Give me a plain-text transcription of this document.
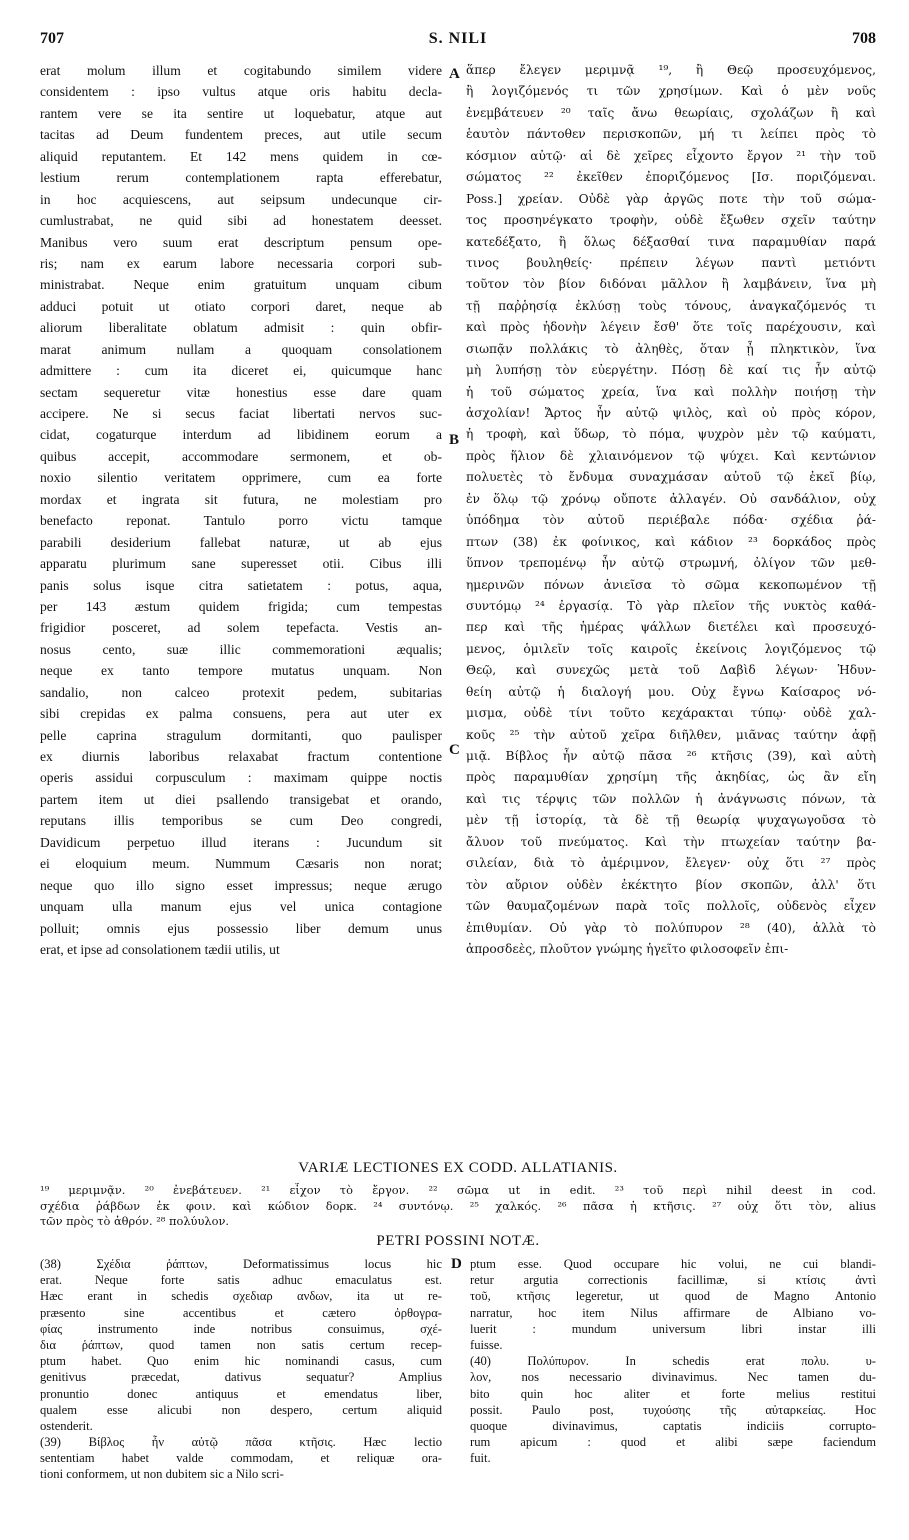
707	S. NILI	708
erat molum illum et cogitabundo similem videre
considentem : ipso vultus atque oris habitu decla-
rantem vere se ita sentire ut loquebatur, atque aut
tacitas ad Deum fundentem preces, aut utile secum
aliquid reputantem. Et 142 mens quidem in cœ-
lestium rerum contemplationem rapta efferebatur,
in hoc acquiescens, aut seipsum undecunque cir-
cumlustrabat, ne quid sibi ad honestatem deesset.
Manibus vero suum erat descriptum pensum ope-
ris; nam ex earum labore necessaria corpori sub-
ministrabat. Neque enim gratuitum unquam cibum
adduci potuit ut otiato corpori daret, neque ab
aliorum liberalitate oblatum admisit : quin obfir-
marat animum nullam a quoquam consolationem
admittere : cum ita diceret ei, quicumque hanc
sectam sequeretur vitæ honestius esse dare quam
accipere. Ne si secus faciat libertati nervos suc-
cidat, cogaturque interdum ad libidinem eorum a
quibus accepit, accommodare sermonem, et ob-
noxio silentio veritatem opprimere, cum ea forte
mordax et ingrata sit futura, ne molestiam pro
benefacto reponat. Tantulo porro victu tamque
parabili desiderium fallebat naturæ, ut ab ejus
apparatu plurimum sane superesset otii. Cibus illi
panis solus isque citra satietatem : potus, aqua,
per 143 æstum quidem frigida; cum tempestas
frigidior posceret, ad solem tepefacta. Vestis an-
nosus cento, suæ illic commemorationi æqualis;
neque ex tanto tempore mutatus unquam. Non
sandalio, non calceo protexit pedem, subitarias
sibi crepidas ex palma consuens, pera aut uter ex
pelle caprina stragulum dormitanti, quo paulisper
ex diurnis laboribus relaxabat fractum contentione
operis assidui corpusculum : maximam quippe noctis
partem item ut diei psallendo transigebat et orando,
reputans illis temporibus se cum Deo congredi,
Davidicum perpetuo illud iterans : Jucundum sit
ei eloquium meum. Nummum Cæsaris non norat;
neque quo illo signo esset impressus; neque ærugo
unquam ulla manum ejus vel unica contagione
polluit; omnis ejus possessio liber demum unus
erat, et ipse ad consolationem tædii utilis, ut
A
B
C
ἅπερ ἔλεγεν μεριμνᾷ ¹⁹, ἢ Θεῷ προσευχόμενος,
ἢ λογιζόμενός τι τῶν χρησίμων. Καὶ ὁ μὲν νοῦς
ἐνεμβάτευεν ²⁰ ταῖς ἄνω θεωρίαις, σχολάζων ἢ καὶ
ἑαυτὸν πάντοθεν περισκοπῶν, μή τι λείπει πρὸς τὸ
κόσμιον αὐτῷ· αἱ δὲ χεῖρες εἶχοντο ἔργον ²¹ τὴν τοῦ
σώματος ²² ἐκεῖθεν ἐποριζόμενος [Ισ. ποριζόμεναι.
Poss.] χρείαν. Οὐδὲ γὰρ ἀργῶς ποτε τὴν τοῦ σώμα-
τος προσηνέγκατο τροφὴν, οὐδὲ ἔξωθεν σχεῖν ταύτην
κατεδέξατο, ἢ ὅλως δέξασθαί τινα παραμυθίαν παρά
τινος βουληθείς· πρέπειν λέγων παντὶ μετιόντι
τοῦτον τὸν βίον διδόναι μᾶλλον ἢ λαμβάνειν, ἵνα μὴ
τῇ παῤῥησίᾳ ἐκλύσῃ τοὺς τόνους, ἀναγκαζόμενός τι
καὶ πρὸς ἡδονὴν λέγειν ἔσθ' ὅτε τοῖς παρέχουσιν, καὶ
σιωπᾷν πολλάκις τὸ ἀληθὲς, ὅταν ᾖ πληκτικὸν, ἵνα
μὴ λυπήσῃ τὸν εὐεργέτην. Πόσῃ δὲ καί τις ἦν αὐτῷ
ἡ τοῦ σώματος χρεία, ἵνα καὶ πολλὴν ποιήσῃ τὴν
ἀσχολίαν! Ἄρτος ἦν αὐτῷ ψιλὸς, καὶ οὐ πρὸς κόρον,
ἡ τροφὴ, καὶ ὕδωρ, τὸ πόμα, ψυχρὸν μὲν τῷ καύματι,
πρὸς ἥλιον δὲ χλιαινόμενον τῷ ψύχει. Καὶ κεντώνιον
πολυετὲς τὸ ἔνδυμα συναχμάσαν αὐτοῦ τῷ ἐκεῖ βίῳ,
ἐν ὅλῳ τῷ χρόνῳ οὔποτε ἀλλαγέν. Οὐ σανδάλιον, οὐχ
ὑπόδημα τὸν αὐτοῦ περιέβαλε πόδα· σχέδια ῥά-
πτων (38) ἐκ φοίνικος, καὶ κάδιον ²³ δορκάδος πρὸς
ὕπνον τρεπομένῳ ἦν αὐτῷ στρωμνή, ὀλίγον τῶν μεθ-
ημερινῶν πόνων ἀνιεῖσα τὸ σῶμα κεκοπωμένον τῇ
συντόμῳ ²⁴ ἐργασίᾳ. Τὸ γὰρ πλεῖον τῆς νυκτὸς καθά-
περ καὶ τῆς ἡμέρας ψάλλων διετέλει καὶ προσευχό-
μενος, ὁμιλεῖν τοῖς καιροῖς ἐκείνοις λογιζόμενος τῷ
Θεῷ, καὶ συνεχῶς μετὰ τοῦ Δαβὶδ λέγων· Ἡδυν-
θείη αὐτῷ ἡ διαλογή μου. Οὐχ ἔγνω Καίσαρος νό-
μισμα, οὐδὲ τίνι τοῦτο κεχάρακται τύπῳ· οὐδὲ χαλ-
κοῦς ²⁵ τὴν αὐτοῦ χεῖρα διῆλθεν, μιᾶνας ταύτην ἀφῇ
μιᾷ. Βίβλος ἦν αὐτῷ πᾶσα ²⁶ κτῆσις (39), καὶ αὐτὴ
πρὸς παραμυθίαν χρησίμη τῆς ἀκηδίας, ὡς ἂν εἴη
καὶ τις τέρψις τῶν πολλῶν ἡ ἀνάγνωσις πόνων, τὰ
μὲν τῇ ἱστορίᾳ, τὰ δὲ τῇ θεωρίᾳ ψυχαγωγοῦσα τὸ
ἄλυον τοῦ πνεύματος. Καὶ τὴν πτωχείαν ταύτην βα-
σιλείαν, διὰ τὸ ἀμέριμνον, ἔλεγεν· οὐχ ὅτι ²⁷ πρὸς
τὸν αὔριον οὐδὲν ἐκέκτητο βίον σκοπῶν, ἀλλ' ὅτι
τῶν θαυμαζομένων παρὰ τοῖς πολλοῖς, οὐδενὸς εἶχεν
ἐπιθυμίαν. Οὐ γὰρ τὸ πολύπυρον ²⁸ (40), ἀλλὰ τὸ
ἀπροσδεὲς, πλοῦτον γνώμης ἡγεῖτο φιλοσοφεῖν ἐπι-
VARIÆ LECTIONES EX CODD. ALLATIANIS.
¹⁹ μεριμνᾷν. ²⁰ ἐνεβάτευεν. ²¹ εἶχον τὸ ἔργον. ²² σῶμα ut in edit. ²³ τοῦ περὶ nihil deest in cod.
σχέδια ῥάβδων ἐκ φοιν. καὶ κώδιον δορκ. ²⁴ συντόνῳ. ²⁵ χαλκός. ²⁶ πᾶσα ἡ κτῆσις. ²⁷ οὐχ ὅτι τὸν, alius
τῶν πρὸς τὸ ἀθρόν. ²⁸ πολύυλον.
PETRI POSSINI NOTÆ.
(38) Σχέδια ῥάπτων, Deformatissimus locus hic
erat. Neque forte satis adhuc emaculatus est.
Hæc erant in schedis σχεδιαρ ανδων, ita ut re-
præsento sine accentibus et cætero ὀρθογρα-
φίας instrumento inde notribus consuimus, σχέ-
δια ῥάπτων, quod tamen non satis certum recep-
ptum habet. Quo enim hic nominandi casus, cum
genitivus præcedat, dativus sequatur? Amplius
pronuntio donec antiquus et emendatus liber,
qualem esse alicubi non despero, certum aliquid
ostenderit.
(39) Βίβλος ἦν αὐτῷ πᾶσα κτῆσις. Hæc lectio
sententiam habet valde commodam, et reliquæ ora-
tioni conformem, ut non dubitem sic a Nilo scri-
D ptum esse. Quod occupare hic volui, ne cui blandi-
retur argutia correctionis facillimæ, si κτίσις ἀντὶ
τοῦ, κτῆσις legeretur, ut quod de Magno Antonio
narratur, hoc item Nilus affirmare de Albiano vo-
luerit : mundum universum libri instar illi
fuisse.
(40) Πολύπυρον. In schedis erat πολυ. υ-
λον, nos necessario divinavimus. Nec tamen du-
bito quin hoc aliter et forte melius restitui
possit. Paulo post, τυχούσης τῆς αὐταρκείας. Hoc
quoque divinavimus, captatis indiciis corrupto-
rum apicum : quod et alibi sæpe faciendum
fuit.
